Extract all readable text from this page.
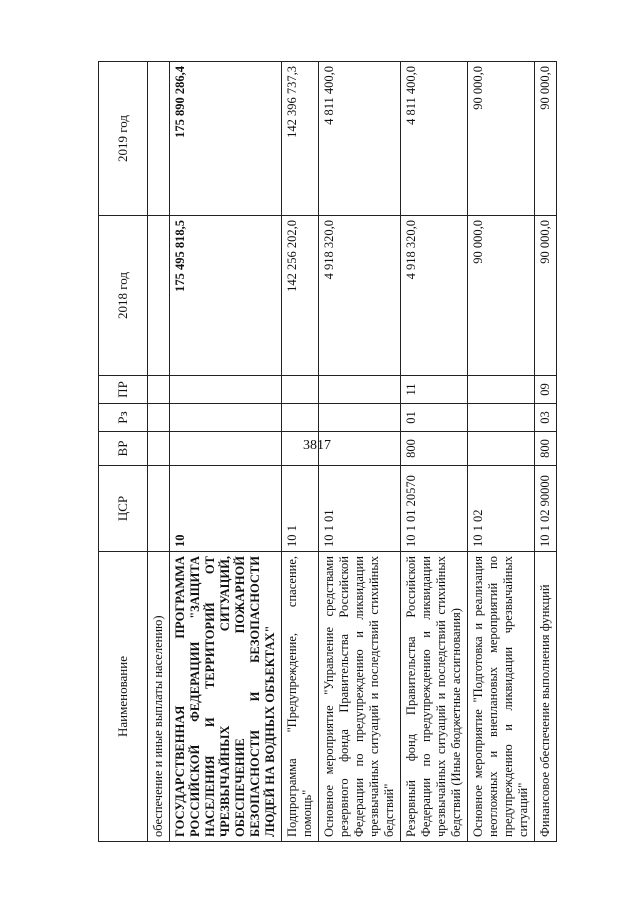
3817
Наименование	ЦСР	ВР	Рз	ПР	2018 год	2019 год
обеспечение и иные выплаты населению)						
ГОСУДАРСТВЕННАЯ ПРОГРАММА РОССИЙСКОЙ ФЕДЕРАЦИИ "ЗАЩИТА НАСЕЛЕНИЯ И ТЕРРИТОРИЙ ОТ ЧРЕЗВЫЧАЙНЫХ СИТУАЦИЙ, ОБЕСПЕЧЕНИЕ ПОЖАРНОЙ БЕЗОПАСНОСТИ И БЕЗОПАСНОСТИ ЛЮДЕЙ НА ВОДНЫХ ОБЪЕКТАХ"	10				175 495 818,5	175 890 286,4
Подпрограмма "Предупреждение, спасение, помощь"	10 1				142 256 202,0	142 396 737,3
Основное мероприятие "Управление средствами резервного фонда Правительства Российской Федерации по предупреждению и ликвидации чрезвычайных ситуаций и последствий стихийных бедствий"	10 1 01				4 918 320,0	4 811 400,0
Резервный фонд Правительства Российской Федерации по предупреждению и ликвидации чрезвычайных ситуаций и последствий стихийных бедствий (Иные бюджетные ассигнования)	10 1 01 20570	800	01	11	4 918 320,0	4 811 400,0
Основное мероприятие "Подготовка и реализация неотложных и внеплановых мероприятий по предупреждению и ликвидации чрезвычайных ситуаций"	10 1 02				90 000,0	90 000,0
Финансовое обеспечение выполнения функций	10 1 02 90000	800	03	09	90 000,0	90 000,0
